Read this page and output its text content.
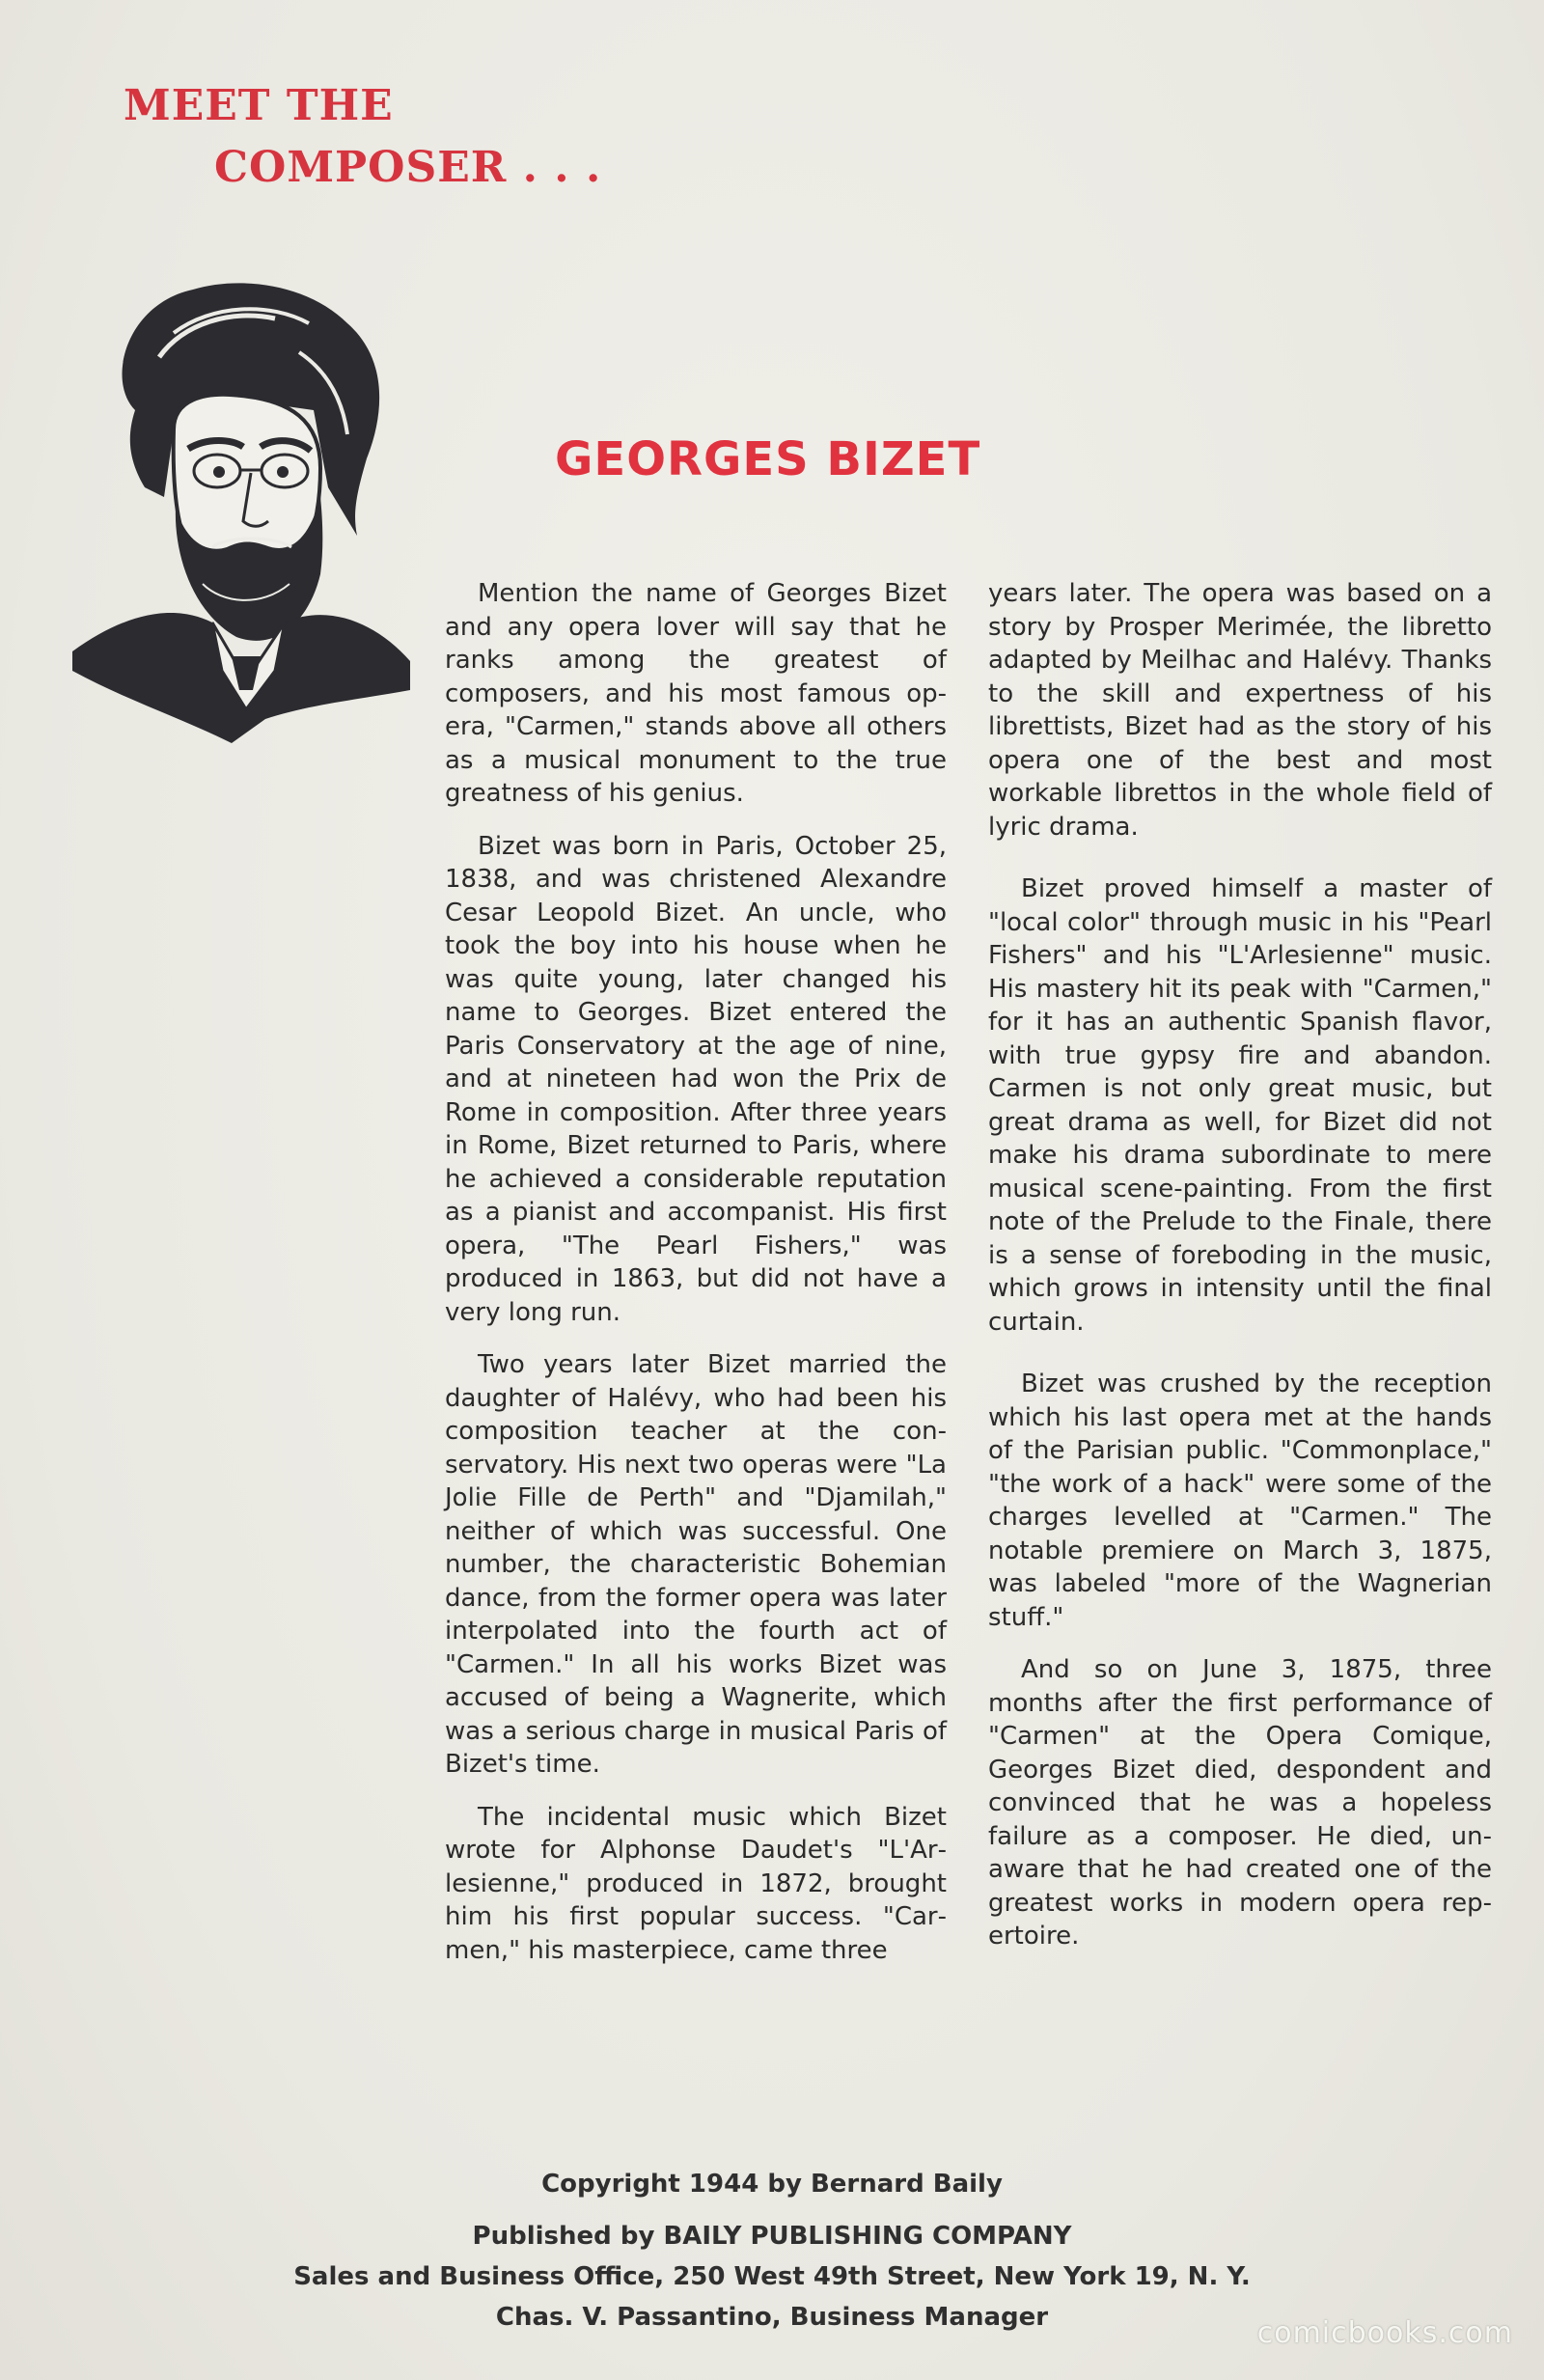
MEET THE
COMPOSER . . .
GEORGES BIZET

Mention the name of Georges Bizet and any opera lover will say that he ranks among the greatest of composers, and his most famous opera, "Carmen," stands above all others as a musical monument to the true greatness of his genius.

Bizet was born in Paris, October 25, 1838, and was christened Alexandre Cesar Leopold Bizet. An uncle, who took the boy into his house when he was quite young, later changed his name to Georges. Bizet entered the Paris Conservatory at the age of nine, and at nineteen had won the Prix de Rome in composition. After three years in Rome, Bizet returned to Paris, where he achieved a considerable reputation as a pianist and accompanist. His first opera, "The Pearl Fishers," was produced in 1863, but did not have a very long run.

Two years later Bizet married the daughter of Halévy, who had been his composition teacher at the conservatory. His next two operas were "La Jolie Fille de Perth" and "Djamilah," neither of which was successful. One number, the characteristic Bohemian dance, from the former opera was later interpolated into the fourth act of "Carmen." In all his works Bizet was accused of being a Wagnerite, which was a serious charge in musical Paris of Bizet's time.

The incidental music which Bizet wrote for Alphonse Daudet's "L'Arlesienne," produced in 1872, brought him his first popular success. "Carmen," his masterpiece, came three

years later. The opera was based on a story by Prosper Merimée, the libretto adapted by Meilhac and Halévy. Thanks to the skill and expertness of his librettists, Bizet had as the story of his opera one of the best and most workable librettos in the whole field of lyric drama.

Bizet proved himself a master of "local color" through music in his "Pearl Fishers" and his "L'Arlesienne" music. His mastery hit its peak with "Carmen," for it has an authentic Spanish flavor, with true gypsy fire and abandon. Carmen is not only great music, but great drama as well, for Bizet did not make his drama subordinate to mere musical scene-painting. From the first note of the Prelude to the Finale, there is a sense of foreboding in the music, which grows in intensity until the final curtain.

Bizet was crushed by the reception which his last opera met at the hands of the Parisian public. "Commonplace," "the work of a hack" were some of the charges levelled at "Carmen." The notable premiere on March 3, 1875, was labeled "more of the Wagnerian stuff."

And so on June 3, 1875, three months after the first performance of "Carmen" at the Opera Comique, Georges Bizet died, despondent and convinced that he was a hopeless failure as a composer. He died, unaware that he had created one of the greatest works in modern opera repertoire.

Copyright 1944 by Bernard Baily
Published by BAILY PUBLISHING COMPANY
Sales and Business Office, 250 West 49th Street, New York 19, N. Y.
Chas. V. Passantino, Business Manager	comicbooks.com
